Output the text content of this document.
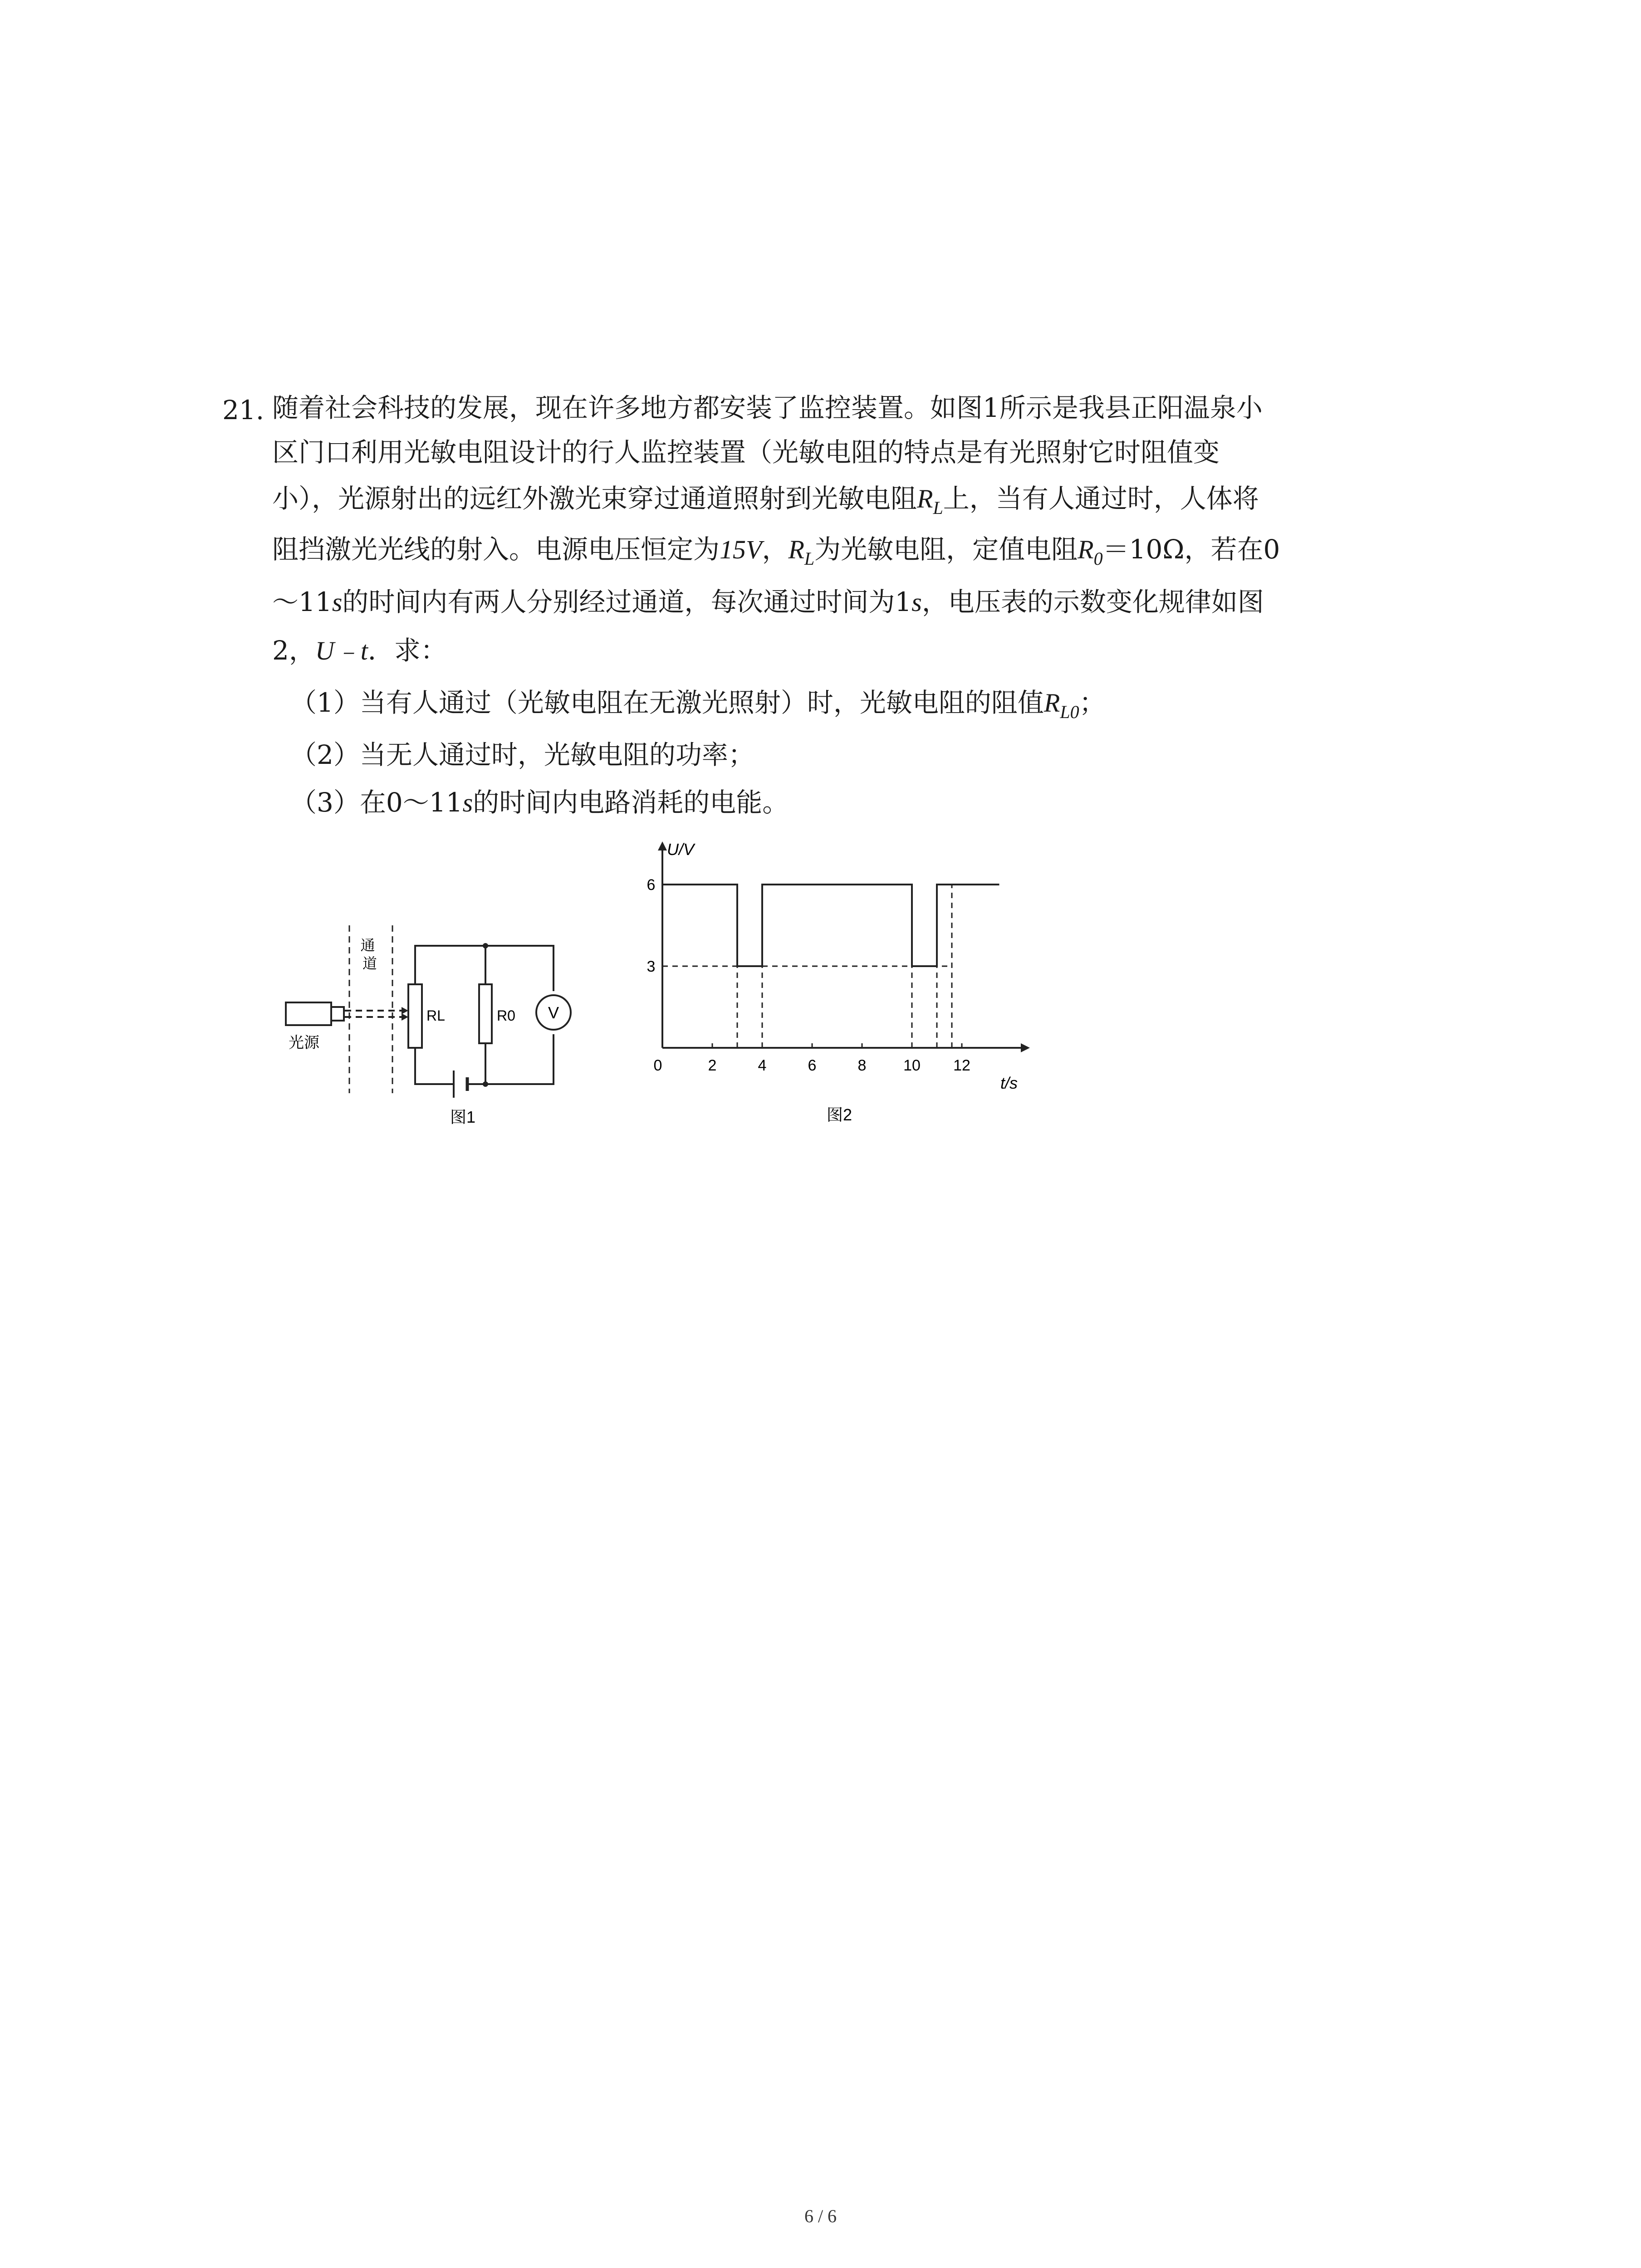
21. 随着社会科技的发展，现在许多地方都安装了监控装置。如图1所示是我县正阳温泉小
区门口利用光敏电阻设计的行人监控装置（光敏电阻的特点是有光照射它时阻值变
小），光源射出的远红外激光束穿过通道照射到光敏电阻$R_L$上，当有人通过时，人体将
阻挡激光光线的射入。电源电压恒定为15V，$R_L$为光敏电阻，定值电阻$R_0=10\Omega$，若在0
～11s的时间内有两人分别经过通道，每次通过时间为1s，电压表的示数变化规律如图
2，U﹣t．求：
（1）当有人通过（光敏电阻在无激光照射）时，光敏电阻的阻值$R_{L0}$；
（2）当无人通过时，光敏电阻的功率；
（3）在0～11s的时间内电路消耗的电能。
光源
通 道
RL	R0 V
图1
U/V
t/s
图2
0	2	4	6	8 10 12
3
6
6 / 6
